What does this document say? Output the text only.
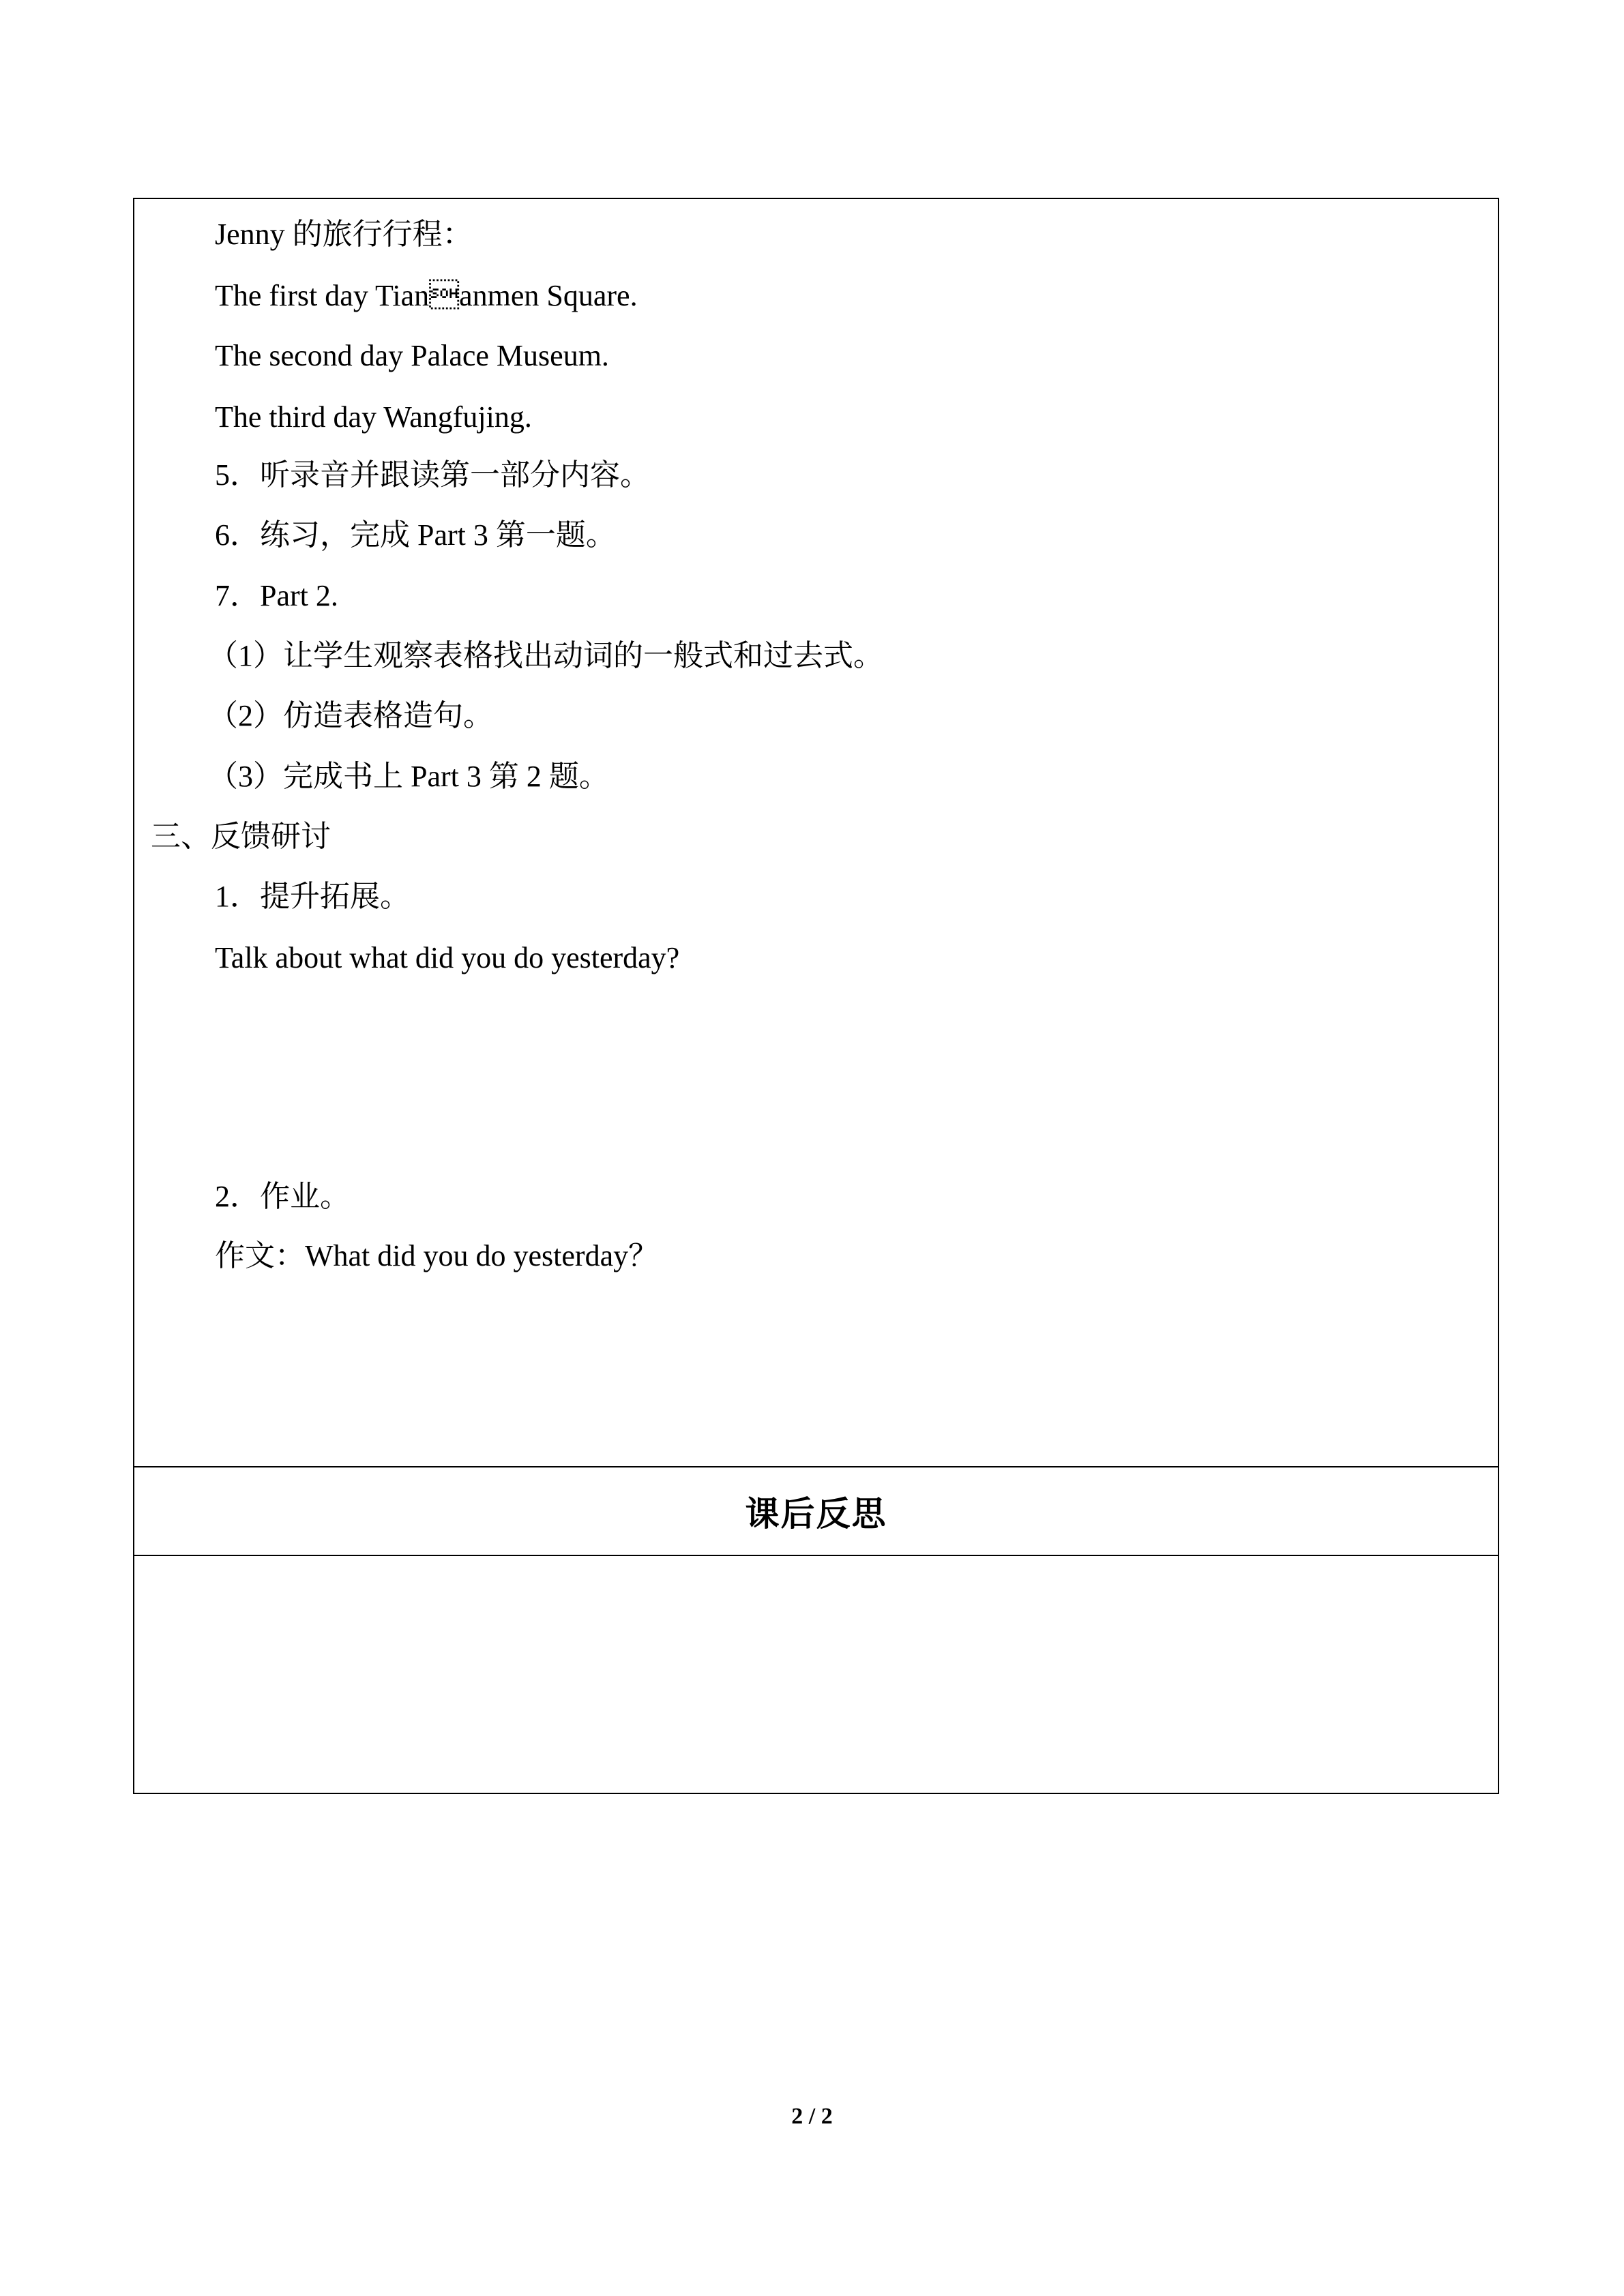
Jenny 的旅行行程：
The first day Tiananmen Square.
The second day Palace Museum.
The third day Wangfujing.
5．听录音并跟读第一部分内容。
6．练习，完成 Part 3 第一题。
7．Part 2.
（1）让学生观察表格找出动词的一般式和过去式。
（2）仿造表格造句。
（3）完成书上 Part 3 第 2 题。
三、反馈研讨
1．提升拓展。
Talk about what did you do yesterday?
2．作业。
作文：What did you do yesterday？
课后反思
2 / 2
